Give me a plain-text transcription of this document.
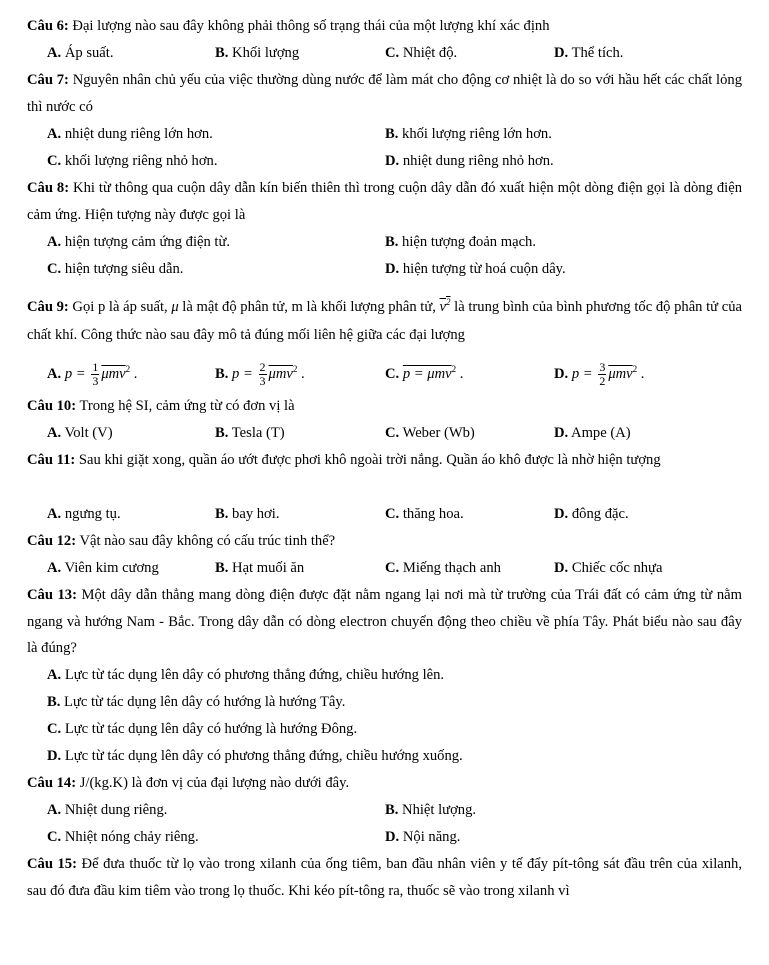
Câu 6: Đại lượng nào sau đây không phải thông số trạng thái của một lượng khí xác định
A. Áp suất.	B. Khối lượng	C. Nhiệt độ.	D. Thể tích.
Câu 7: Nguyên nhân chủ yếu của việc thường dùng nước để làm mát cho động cơ nhiệt là do so với hầu hết các chất lỏng thì nước có
A. nhiệt dung riêng lớn hơn.	B. khối lượng riêng lớn hơn.
C. khối lượng riêng nhỏ hơn.	D. nhiệt dung riêng nhỏ hơn.
Câu 8: Khi từ thông qua cuộn dây dẫn kín biến thiên thì trong cuộn dây dẫn đó xuất hiện một dòng điện gọi là dòng điện cảm ứng. Hiện tượng này được gọi là
A. hiện tượng cảm ứng điện từ.	B. hiện tượng đoản mạch.
C. hiện tượng siêu dẫn.	D. hiện tượng từ hoá cuộn dây.
Câu 9: Gọi p là áp suất, μ là mật độ phân tử, m là khối lượng phân tử, $v^2$ là trung bình của bình phương tốc độ phân tử của chất khí. Công thức nào sau đây mô tả đúng mối liên hệ giữa các đại lượng
A. $p = \frac{1}{3} \overline{\mu mv}^2$ .	B. $p = \frac{2}{3} \overline{\mu mv}^2$ .	C. p = μmv$^2$ .	D. $p = \frac{3}{2} \overline{\mu mv}^2$ .
Câu 10: Trong hệ SI, cảm ứng từ có đơn vị là
A. Volt (V)	B. Tesla (T)	C. Weber (Wb)	D. Ampe (A)
Câu 11: Sau khi giặt xong, quần áo ướt được phơi khô ngoài trời nắng. Quần áo khô được là nhờ hiện tượng
A. ngưng tụ.	B. bay hơi.	C. thăng hoa.	D. đông đặc.
Câu 12: Vật nào sau đây không có cấu trúc tinh thể?
A. Viên kim cương	B. Hạt muối ăn	C. Miếng thạch anh	D. Chiếc cốc nhựa
Câu 13: Một dây dẫn thẳng mang dòng điện được đặt nằm ngang lại nơi mà từ trường của Trái đất có cảm ứng từ nằm ngang và hướng Nam - Bắc. Trong dây dẫn có dòng electron chuyển động theo chiều về phía Tây. Phát biểu nào sau đây là đúng?
A. Lực từ tác dụng lên dây có phương thẳng đứng, chiều hướng lên.
B. Lực từ tác dụng lên dây có hướng là hướng Tây.
C. Lực từ tác dụng lên dây có hướng là hướng Đông.
D. Lực từ tác dụng lên dây có phương thẳng đứng, chiều hướng xuống.
Câu 14: J/(kg.K) là đơn vị của đại lượng nào dưới đây.
A. Nhiệt dung riêng.	B. Nhiệt lượng.
C. Nhiệt nóng chảy riêng.	D. Nội năng.
Câu 15: Để đưa thuốc từ lọ vào trong xilanh của ống tiêm, ban đầu nhân viên y tế đẩy pít-tông sát đầu trên của xilanh, sau đó đưa đầu kim tiêm vào trong lọ thuốc. Khi kéo pít-tông ra, thuốc sẽ vào trong xilanh vì
